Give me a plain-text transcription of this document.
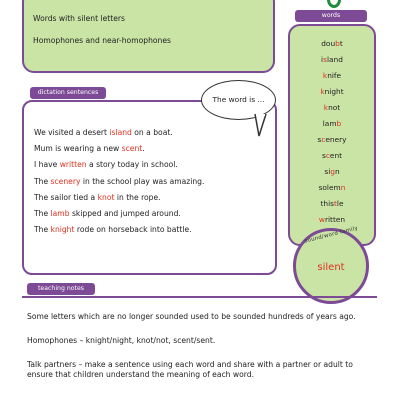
Words with silent letters
Homophones and near-homophones
words
doubt
island
knife
knight
knot
lamb
scenery
scent
sign
solemn
thistle
written
sound/word family
silent
We visited a desert island on a boat.
Mum is wearing a new scent.
I have written a story today in school.
The scenery in the school play was amazing.
The sailor tied a knot in the rope.
The lamb skipped and jumped around.
The knight rode on horseback into battle.
dictation sentences
The word is ...
teaching notes
Some letters which are no longer sounded used to be sounded hundreds of years ago.
Homophones – knight/night, knot/not, scent/sent.
Talk partners – make a sentence using each word and share with a partner or adult to ensure that children understand the meaning of each word.
